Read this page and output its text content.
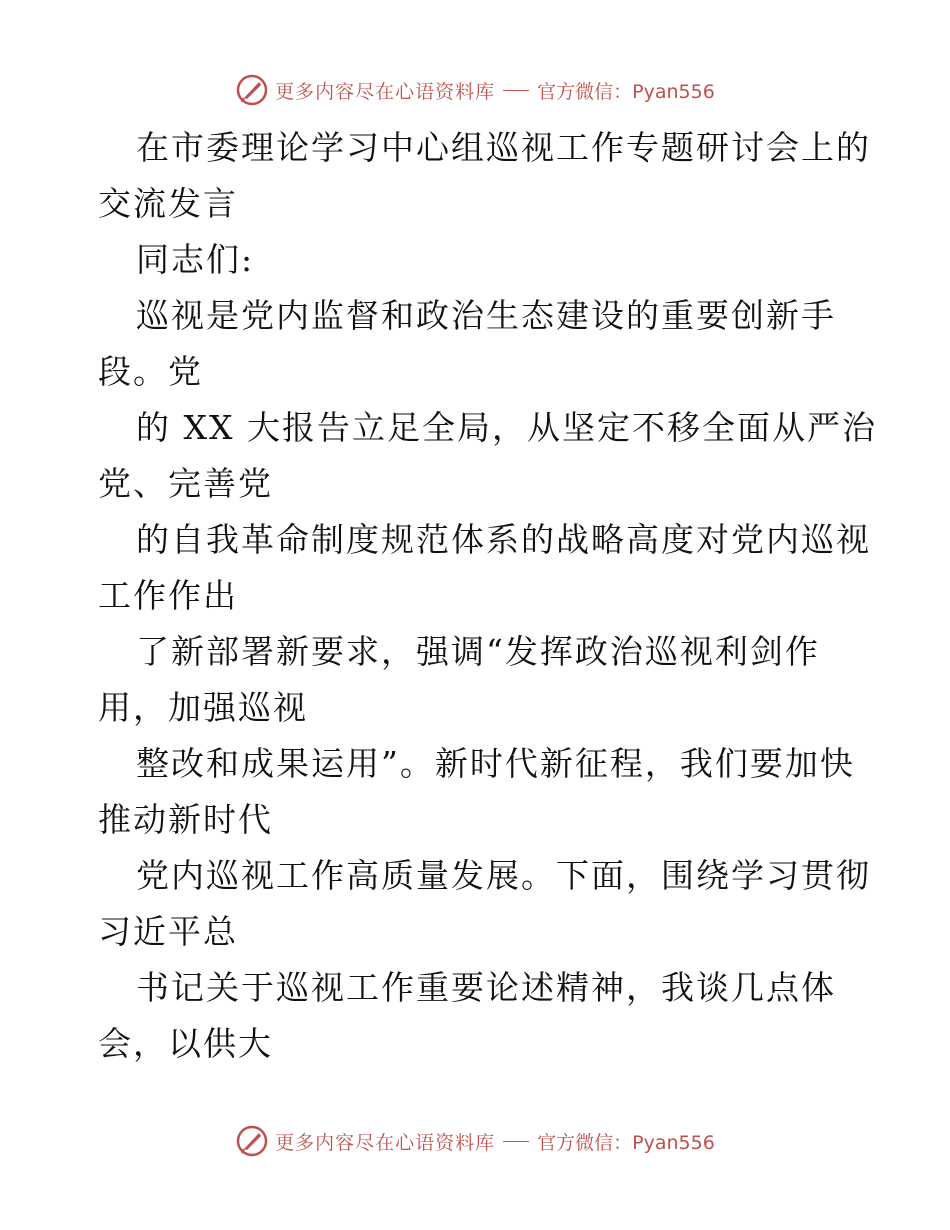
更多内容尽在心语资料库 官方微信：Pyan556
在市委理论学习中心组巡视工作专题研讨会上的
交流发言
同志们:
巡视是党内监督和政治生态建设的重要创新手
段。党
的 XX 大报告立足全局，从坚定不移全面从严治
党、完善党
的自我革命制度规范体系的战略高度对党内巡视
工作作出
了新部署新要求，强调“发挥政治巡视利剑作
用，加强巡视
整改和成果运用”。新时代新征程，我们要加快
推动新时代
党内巡视工作高质量发展。下面，围绕学习贯彻
习近平总
书记关于巡视工作重要论述精神，我谈几点体
会，以供大
更多内容尽在心语资料库 官方微信：Pyan556
